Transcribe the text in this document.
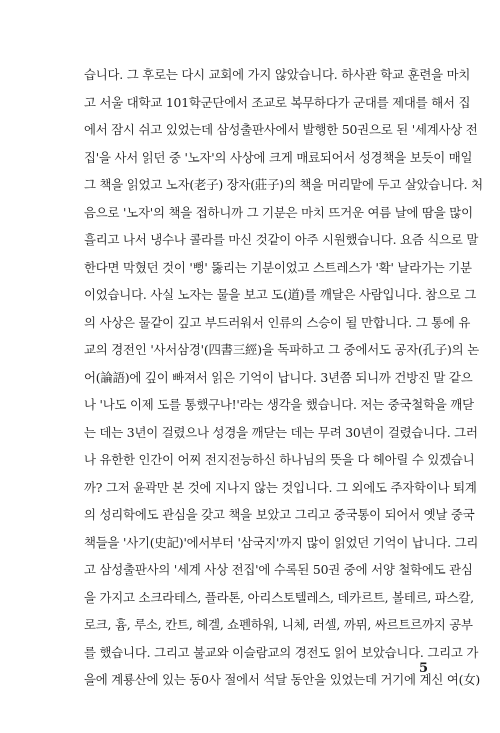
습니다. 그 후로는 다시 교회에 가지 않았습니다. 하사관 학교 훈련을 마치
고 서울 대학교 101학군단에서 조교로 복무하다가 군대를 제대를 해서 집
에서 잠시 쉬고 있었는데 삼성출판사에서 발행한 50권으로 된 '세계사상 전
집'을 사서 읽던 중 '노자'의 사상에 크게 매료되어서 성경책을 보듯이 매일
그 책을 읽었고 노자(老子) 장자(莊子)의 책을 머리맡에 두고 살았습니다. 처
음으로 '노자'의 책을 접하니까 그 기분은 마치 뜨거운 여름 날에 땀을 많이
흘리고 나서 냉수나 콜라를 마신 것같이 아주 시원했습니다. 요즘 식으로 말
한다면 막혔던 것이 '뻥' 뚫리는 기분이었고 스트레스가 '확' 날라가는 기분
이었습니다. 사실 노자는 물을 보고 도(道)를 깨달은 사람입니다. 참으로 그
의 사상은 물같이 깊고 부드러워서 인류의 스승이 될 만합니다. 그 통에 유
교의 경전인 '사서삼경'(四書三經)을 독파하고 그 중에서도 공자(孔子)의 논
어(論語)에 깊이 빠져서 읽은 기억이 납니다. 3년쯤 되니까 건방진 말 같으
나 '나도 이제 도를 통했구나!'라는 생각을 했습니다. 저는 중국철학을 깨닫
는 데는 3년이 걸렸으나 성경을 깨닫는 데는 무려 30년이 걸렸습니다. 그러
나 유한한 인간이 어찌 전지전능하신 하나님의 뜻을 다 헤아릴 수 있겠습니
까? 그저 윤곽만 본 것에 지나지 않는 것입니다. 그 외에도 주자학이나 퇴계
의 성리학에도 관심을 갖고 책을 보았고 그리고 중국통이 되어서 옛날 중국
책들을 '사기(史記)'에서부터 '삼국지'까지 많이 읽었던 기억이 납니다. 그리
고 삼성출판사의 '세계 사상 전집'에 수록된 50권 중에 서양 철학에도 관심
을 가지고 소크라테스, 플라톤, 아리스토텔레스, 데카르트, 볼테르, 파스칼,
로크, 흄, 루소, 칸트, 헤겔, 쇼펜하워, 니체, 러셀, 까뮈, 싸르트르까지 공부
를 했습니다. 그리고 불교와 이슬람교의 경전도 읽어 보았습니다. 그리고 가
을에 계룡산에 있는 동0사 절에서 석달 동안을 있었는데 거기에 계신 여(女)
5
